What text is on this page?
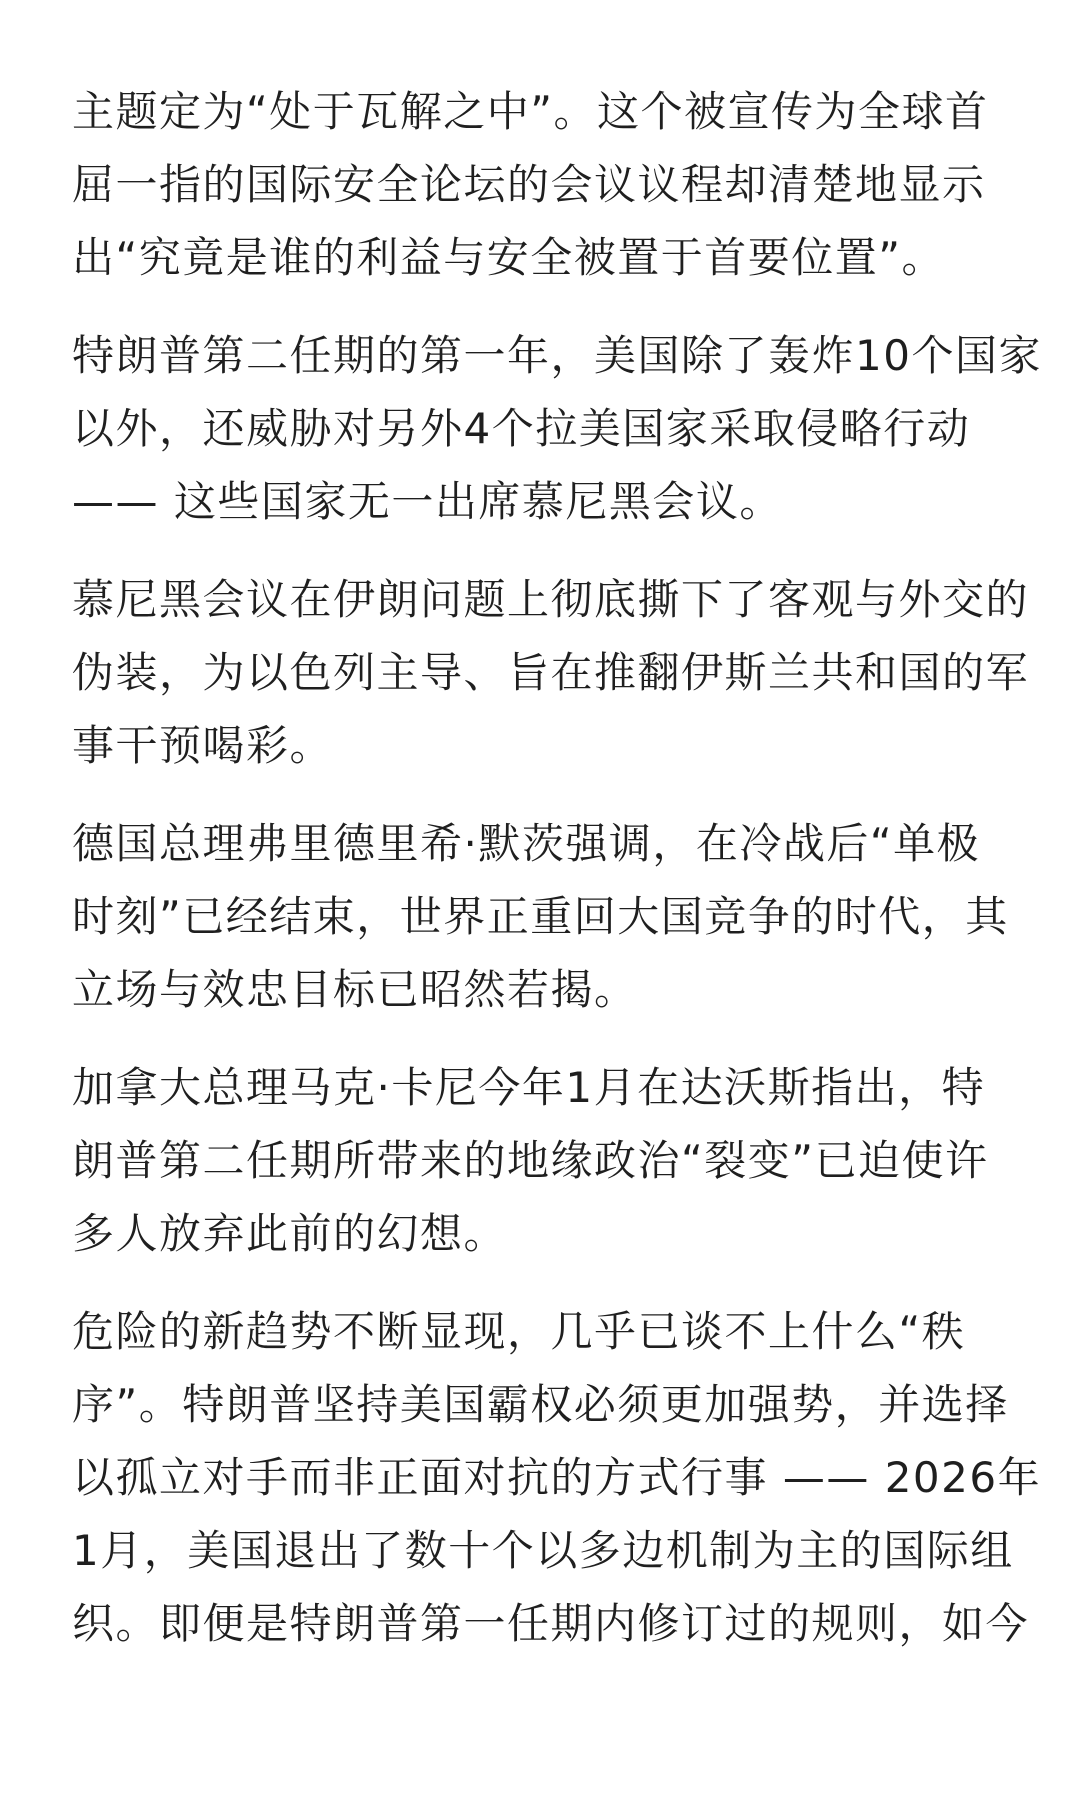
主题定为“处于瓦解之中”。这个被宣传为全球首
屈一指的国际安全论坛的会议议程却清楚地显示
出“究竟是谁的利益与安全被置于首要位置”。

特朗普第二任期的第一年，美国除了轰炸10个国家
以外，还威胁对另外4个拉美国家采取侵略行动
—— 这些国家无一出席慕尼黑会议。

慕尼黑会议在伊朗问题上彻底撕下了客观与外交的
伪装，为以色列主导、旨在推翻伊斯兰共和国的军
事干预喝彩。

德国总理弗里德里希·默茨强调，在冷战后“单极
时刻”已经结束，世界正重回大国竞争的时代，其
立场与效忠目标已昭然若揭。

加拿大总理马克·卡尼今年1月在达沃斯指出，特
朗普第二任期所带来的地缘政治“裂变”已迫使许
多人放弃此前的幻想。

危险的新趋势不断显现，几乎已谈不上什么“秩
序”。特朗普坚持美国霸权必须更加强势，并选择
以孤立对手而非正面对抗的方式行事 —— 2026年
1月，美国退出了数十个以多边机制为主的国际组
织。即便是特朗普第一任期内修订过的规则，如今
